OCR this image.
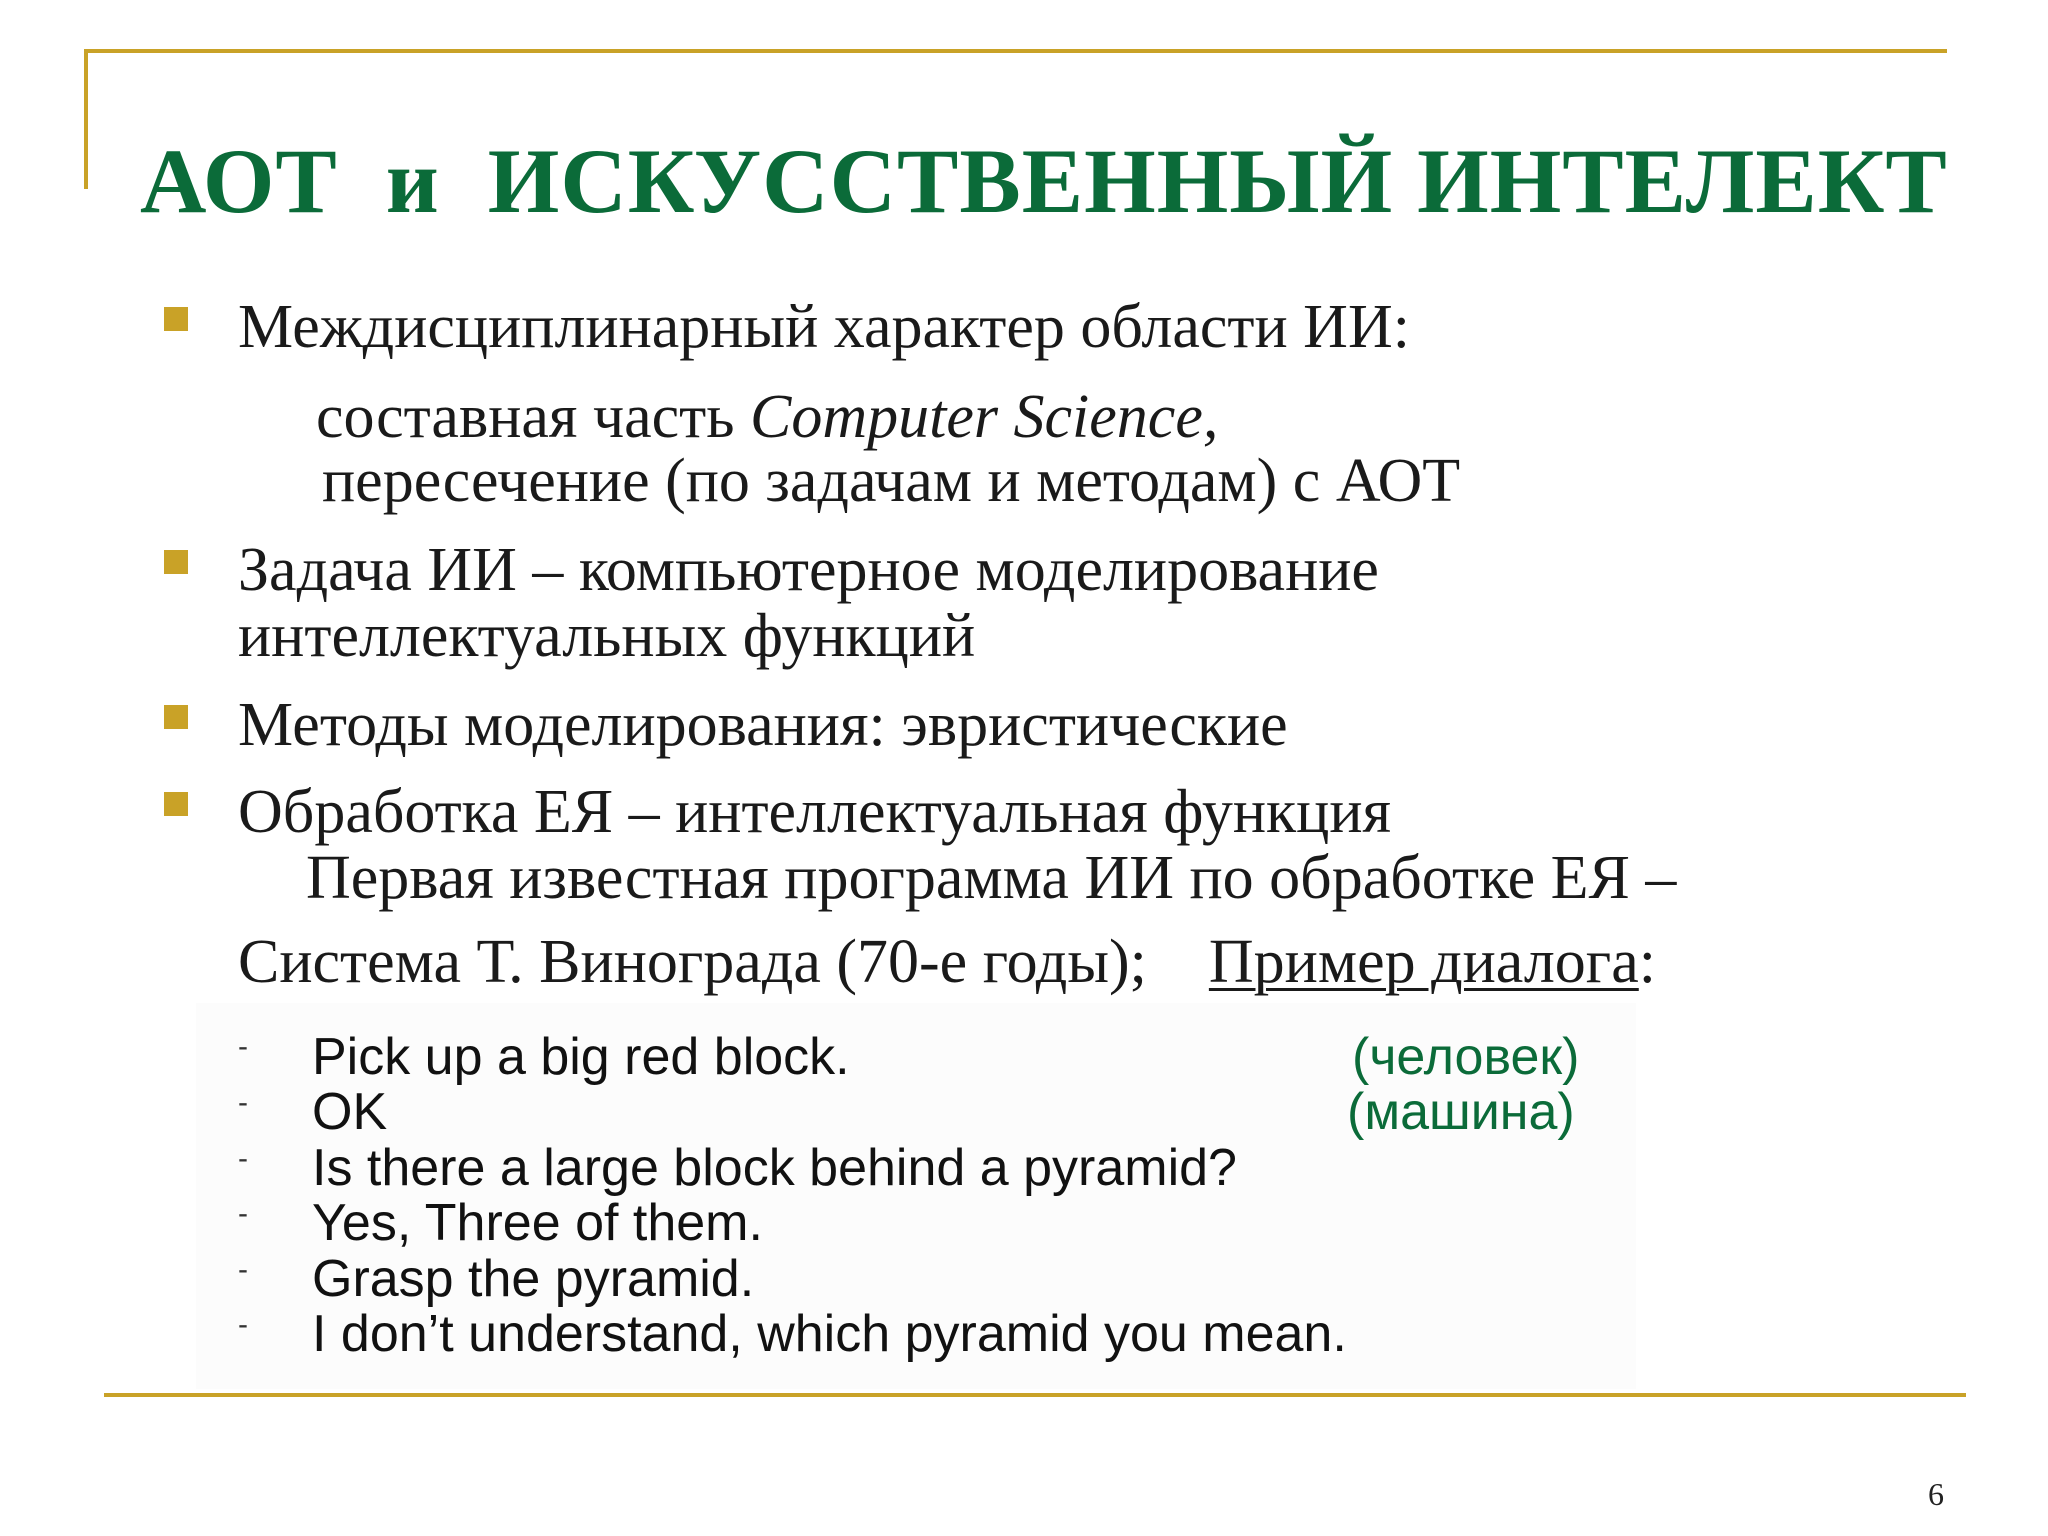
АОТ  и  ИСКУССТВЕННЫЙ ИНТЕЛЕКТ
Междисциплинарный характер области ИИ:
составная часть Computer Science,
пересечение (по задачам и методам) с АОТ
Задача ИИ – компьютерное моделирование
интеллектуальных функций
Методы моделирования: эвристические
Обработка ЕЯ – интеллектуальная функция
Первая известная программа ИИ по обработке ЕЯ –
Система Т. Винограда (70-е годы);    Пример диалога:
- Pick up a big red block.
- OK
- Is there a large block behind a pyramid?
- Yes, Three of them.
- Grasp the pyramid.
- I don’t understand, which pyramid you mean.
(человек)
(машина)
6
